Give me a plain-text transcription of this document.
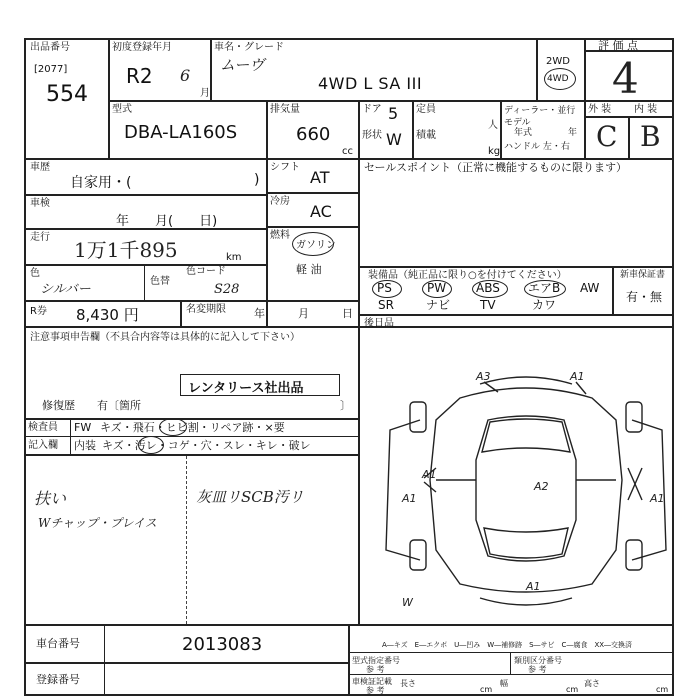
出品番号
[2077]
554
初度登録年月
R2 6
月
車名・グレード
ムーヴ
4WD L SA III
2WD
4WD
評 価 点
4
型式
DBA-LA160S
排気量
660
cc
ドア 5
形状 W
定員
人
積載
kg
ディーラー・並行
モデル
年式	年
ハンドル 左・右
外 装 内 装
C B
車歴
自家用・(	)
車検
年　　月(　　日)
走行
1万1千895	km
色
シルバー
色替
色コード
S28
シフト
AT
冷房
AC
燃料
ガソリン
軽 油
R券 8,430 円	名変期限	年　　　月　　　日
セールスポイント（正常に機能するものに限ります）
装備品（純正品に限り○を付けてください）	新車保証書
有・無
PS	PW ABS エアB AW
SR	ナビ TV	カワ
後日品
注意事項申告欄（不具合内容等は具体的に記入して下さい）
レンタリース社出品
修復歴　　有〔箇所	〕
検査員
記入欄
FW キズ・飛石・ヒビ割・リペア跡・×要
内装 キズ・汚レ・コゲ・穴・スレ・キレ・破レ
扶い
Wチャップ・プレイス
灰皿リSCB汚リ
A3	A1
A1
A1
A2
A1
A1
W
車台番号	2013083
登録番号
A―キズ　E―エクボ　U―凹み　W―補修跡　S―サビ　C―腐食　XX―交換済
型式指定番号
参 考
類別区分番号
参 考
車検証記載
参 考
長さ
cm
幅
cm
高さ
cm
